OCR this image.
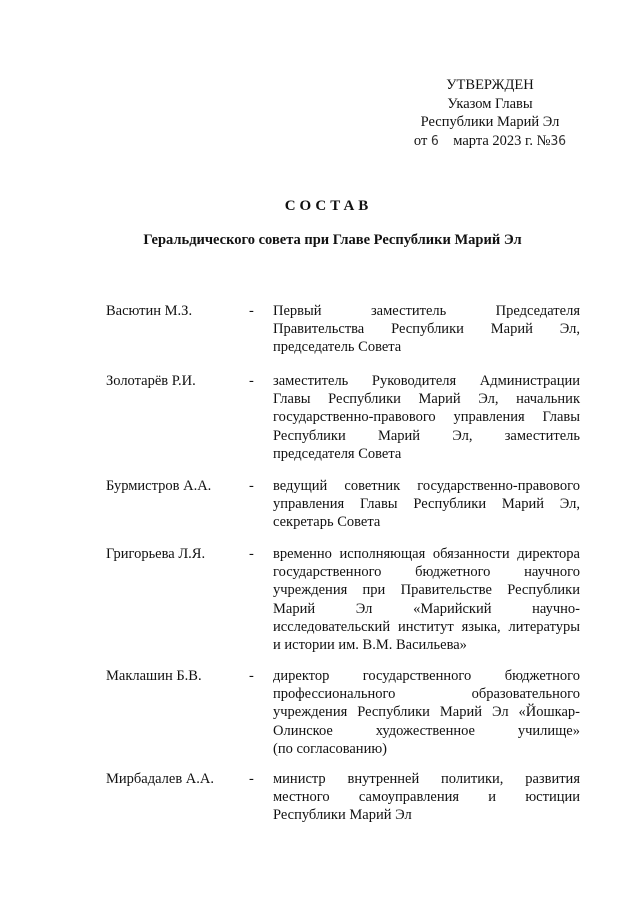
УТВЕРЖДЕН
Указом Главы
Республики Марий Эл
от 6 марта 2023 г. №36
СОСТАВ
Геральдического совета при Главе Республики Марий Эл
Васютин М.З.	- Первый заместитель Председателя
Правительства Республики Марий Эл,
председатель Совета
Золотарёв Р.И.	- заместитель Руководителя Администрации
Главы Республики Марий Эл, начальник
государственно-правового управления Главы
Республики Марий Эл, заместитель
председателя Совета
Бурмистров А.А.	- ведущий советник государственно-правового
управления Главы Республики Марий Эл,
секретарь Совета
Григорьева Л.Я.	- временно исполняющая обязанности директора
государственного бюджетного научного
учреждения при Правительстве Республики
Марий Эл «Марийский научно-
исследовательский институт языка, литературы
и истории им. В.М. Васильева»
Маклашин Б.В.	- директор государственного бюджетного
профессионального образовательного
учреждения Республики Марий Эл «Йошкар-
Олинское художественное училище»
(по согласованию)
Мирбадалев А.А. - министр внутренней политики, развития
местного самоуправления и юстиции
Республики Марий Эл
